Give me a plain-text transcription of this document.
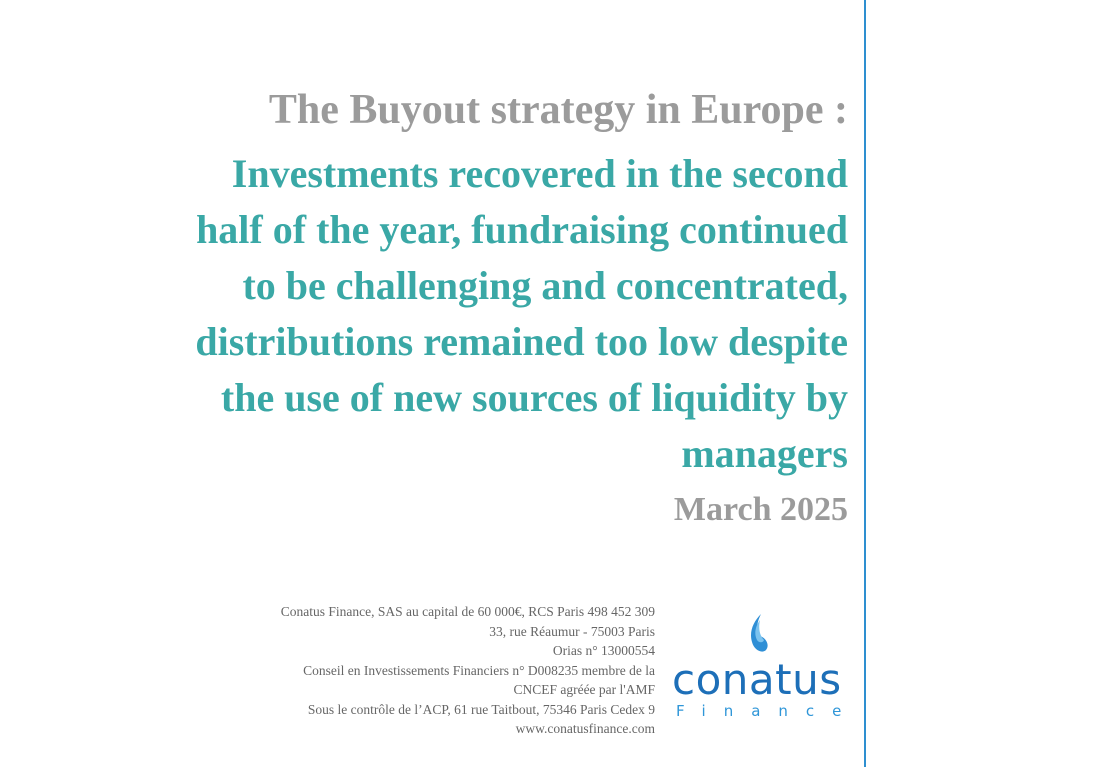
The Buyout strategy in Europe :
Investments recovered in the second
half of the year, fundraising continued
to be challenging and concentrated,
distributions remained too low despite
the use of new sources of liquidity by
managers
March 2025
Conatus Finance, SAS au capital de 60 000€, RCS Paris 498 452 309
33, rue Réaumur - 75003 Paris
Orias n° 13000554
Conseil en Investissements Financiers n° D008235 membre de la
CNCEF agréée par l'AMF
Sous le contrôle de l’ACP, 61 rue Taitbout, 75346 Paris Cedex 9
www.conatusfinance.com
conatus
Finance
